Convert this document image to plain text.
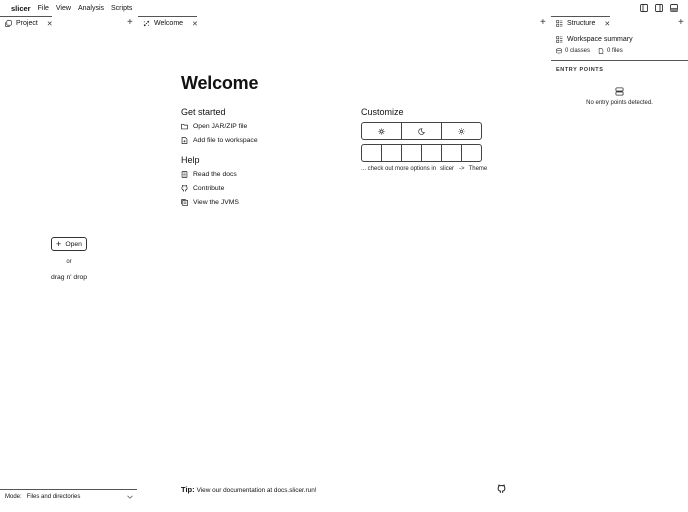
slicer File View Analysis Scripts
Project ✕	+
+ Open
or
drag n' drop
Mode: Files and directories
Welcome ✕
Welcome
Get started
Open JAR/ZIP file
Add file to workspace
Help
Read the docs
Contribute
View the JVMS
Customize
... check out more options in slicer -> Theme
Tip: View our documentation at docs.slicer.run!
+	Structure ✕	+
Workspace summary
0 classes	0 files
ENTRY POINTS
No entry points detected.
